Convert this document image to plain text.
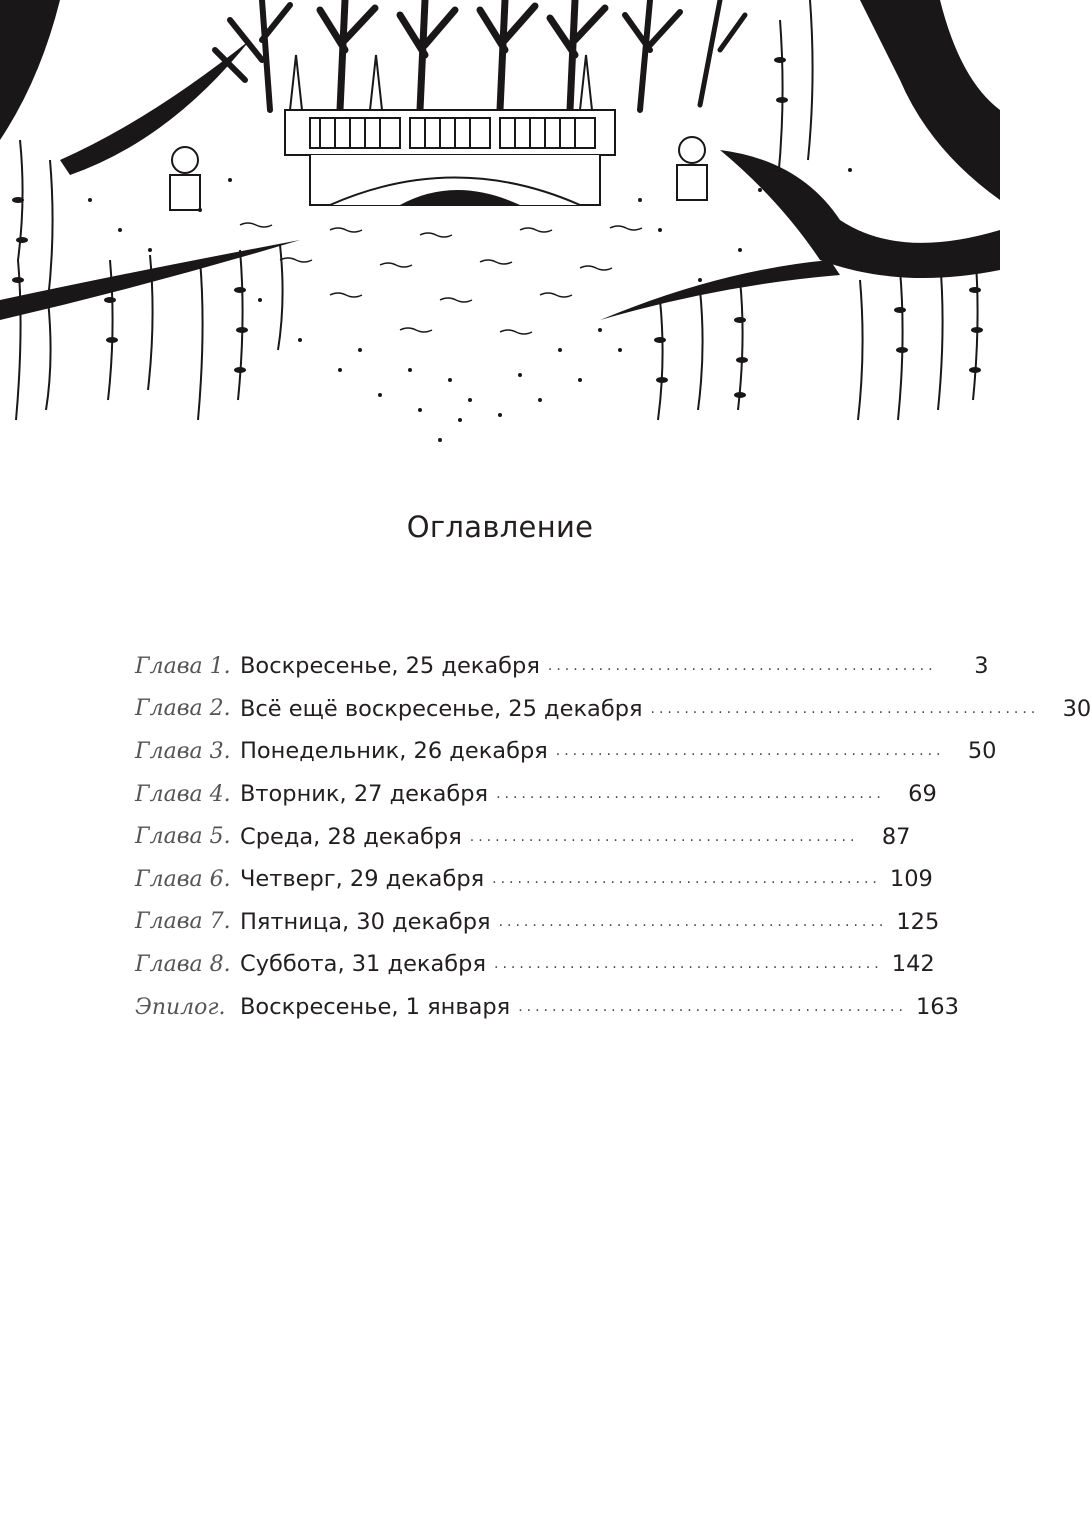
Оглавление
Глава 1. Воскресенье, 25 декабря ..............................................	3
Глава 2. Всё ещё воскресенье, 25 декабря ..............................................	30
Глава 3. Понедельник, 26 декабря ..............................................	50
Глава 4. Вторник, 27 декабря ..............................................	69
Глава 5. Среда, 28 декабря ..............................................	87
Глава 6. Четверг, 29 декабря .............................................. 109
Глава 7. Пятница, 30 декабря .............................................. 125
Глава 8. Суббота, 31 декабря .............................................. 142
Эпилог. Воскресенье, 1 января .............................................. 163
